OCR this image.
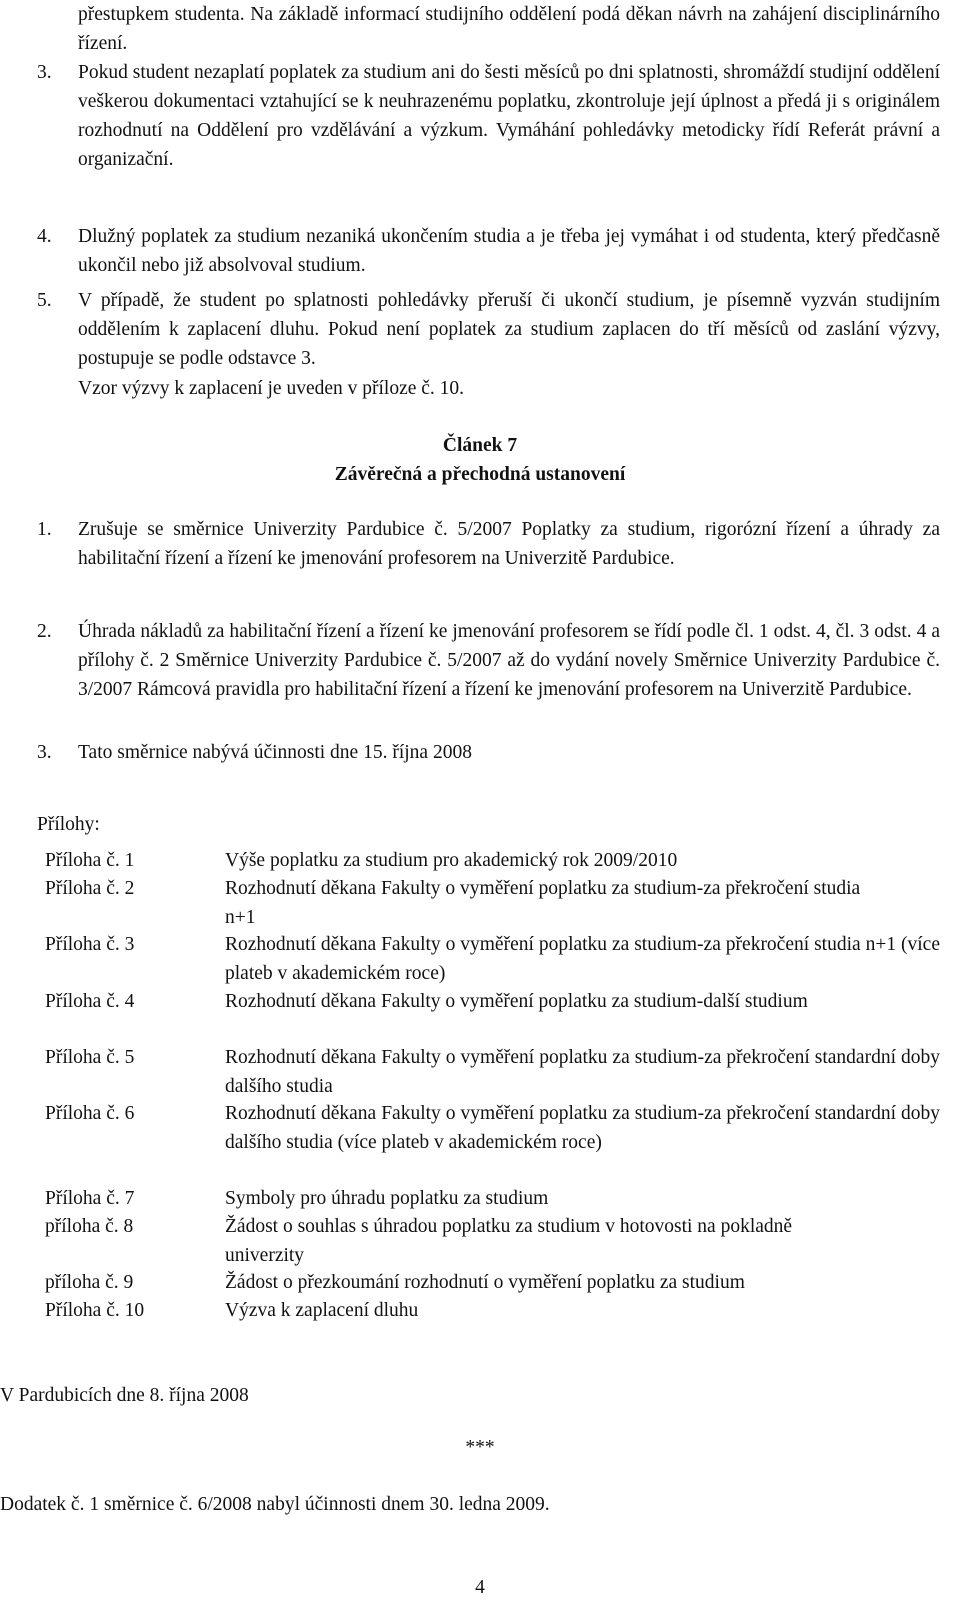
přestupkem studenta. Na základě informací studijního oddělení podá děkan návrh na zahájení disciplinárního řízení.
3. Pokud student nezaplatí poplatek za studium ani do šesti měsíců po dni splatnosti, shromáždí studijní oddělení veškerou dokumentaci vztahující se k neuhrazenému poplatku, zkontroluje její úplnost a předá ji s originálem rozhodnutí na Oddělení pro vzdělávání a výzkum. Vymáhání pohledávky metodicky řídí Referát právní a organizační.
4. Dlužný poplatek za studium nezaniká ukončením studia a je třeba jej vymáhat i od studenta, který předčasně ukončil nebo již absolvoval studium.
5. V případě, že student po splatnosti pohledávky přeruší či ukončí studium, je písemně vyzván studijním oddělením k zaplacení dluhu. Pokud není poplatek za studium zaplacen do tří měsíců od zaslání výzvy, postupuje se podle odstavce 3.
Vzor výzvy k zaplacení je uveden v příloze č. 10.
Článek 7
Závěrečná a přechodná ustanovení
1. Zrušuje se směrnice Univerzity Pardubice č. 5/2007 Poplatky za studium, rigorózní řízení a úhrady za habilitační řízení a řízení ke jmenování profesorem na Univerzitě Pardubice.
2. Úhrada nákladů za habilitační řízení a řízení ke jmenování profesorem se řídí podle čl. 1 odst. 4, čl. 3 odst. 4 a přílohy č. 2 Směrnice Univerzity Pardubice č. 5/2007 až do vydání novely Směrnice Univerzity Pardubice č. 3/2007 Rámcová pravidla pro habilitační řízení a řízení ke jmenování profesorem na Univerzitě Pardubice.
3. Tato směrnice nabývá účinnosti dne 15. října 2008
Přílohy:
Příloha č. 1	Výše poplatku za studium pro akademický rok 2009/2010
Příloha č. 2	Rozhodnutí děkana Fakulty o vyměření poplatku za studium-za překročení studia n+1
Příloha č. 3	Rozhodnutí děkana Fakulty o vyměření poplatku za studium-za překročení studia n+1 (více plateb v akademickém roce)
Příloha č. 4	Rozhodnutí děkana Fakulty o vyměření poplatku za studium-další studium
Příloha č. 5	Rozhodnutí děkana Fakulty o vyměření poplatku za studium-za překročení standardní doby dalšího studia
Příloha č. 6	Rozhodnutí děkana Fakulty o vyměření poplatku za studium-za překročení standardní doby dalšího studia (více plateb v akademickém roce)
Příloha č. 7	Symboly pro úhradu poplatku za studium
příloha č. 8	Žádost o souhlas s úhradou poplatku za studium v hotovosti na pokladně univerzity
příloha č. 9	Žádost o přezkoumání rozhodnutí o vyměření poplatku za studium
Příloha č. 10	Výzva k zaplacení dluhu
V Pardubicích dne 8. října 2008
***
Dodatek č. 1 směrnice č. 6/2008 nabyl účinnosti dnem 30. ledna 2009.
4
